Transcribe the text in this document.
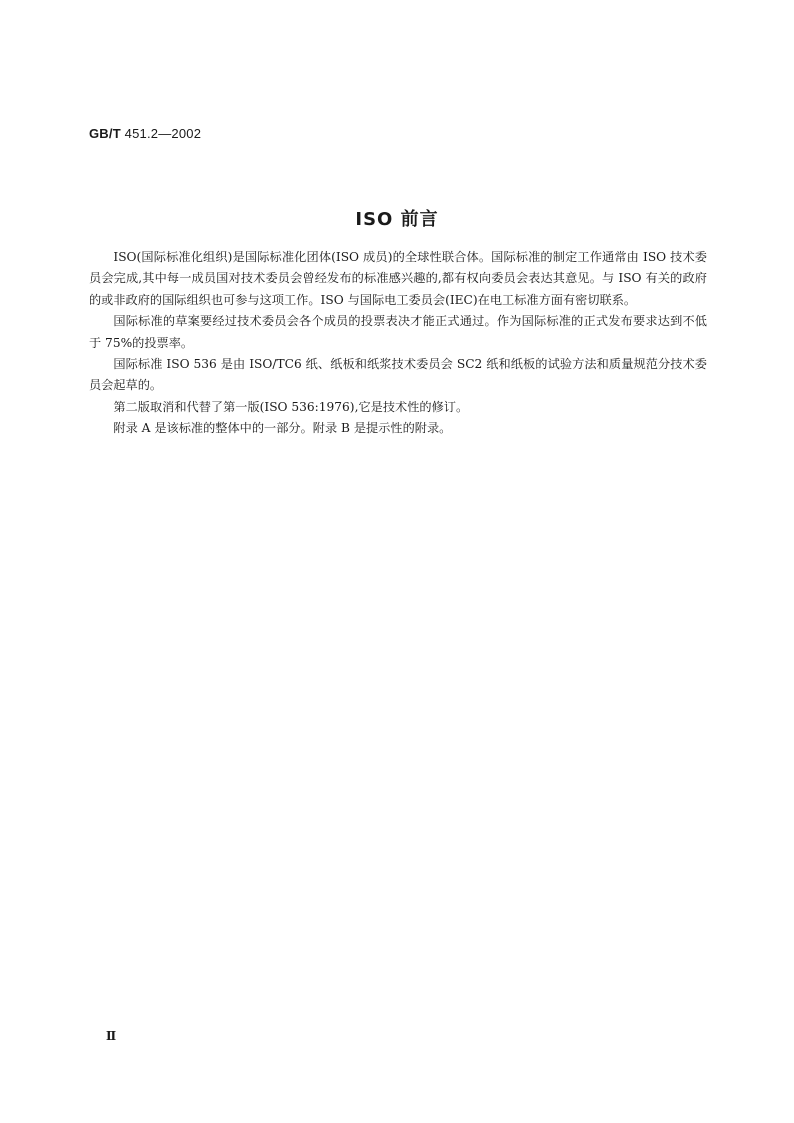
GB/T 451.2—2002
ISO 前言

ISO(国际标准化组织)是国际标准化团体(ISO 成员)的全球性联合体。国际标准的制定工作通常由 ISO 技术委员会完成,其中每一成员国对技术委员会曾经发布的标准感兴趣的,都有权向委员会表达其意见。与 ISO 有关的政府的或非政府的国际组织也可参与这项工作。ISO 与国际电工委员会(IEC)在电工标准方面有密切联系。

国际标准的草案要经过技术委员会各个成员的投票表决才能正式通过。作为国际标准的正式发布要求达到不低于 75%的投票率。

国际标准 ISO 536 是由 ISO/TC6 纸、纸板和纸浆技术委员会 SC2 纸和纸板的试验方法和质量规范分技术委员会起草的。

第二版取消和代替了第一版(ISO 536:1976),它是技术性的修订。

附录 A 是该标准的整体中的一部分。附录 B 是提示性的附录。

Ⅱ
